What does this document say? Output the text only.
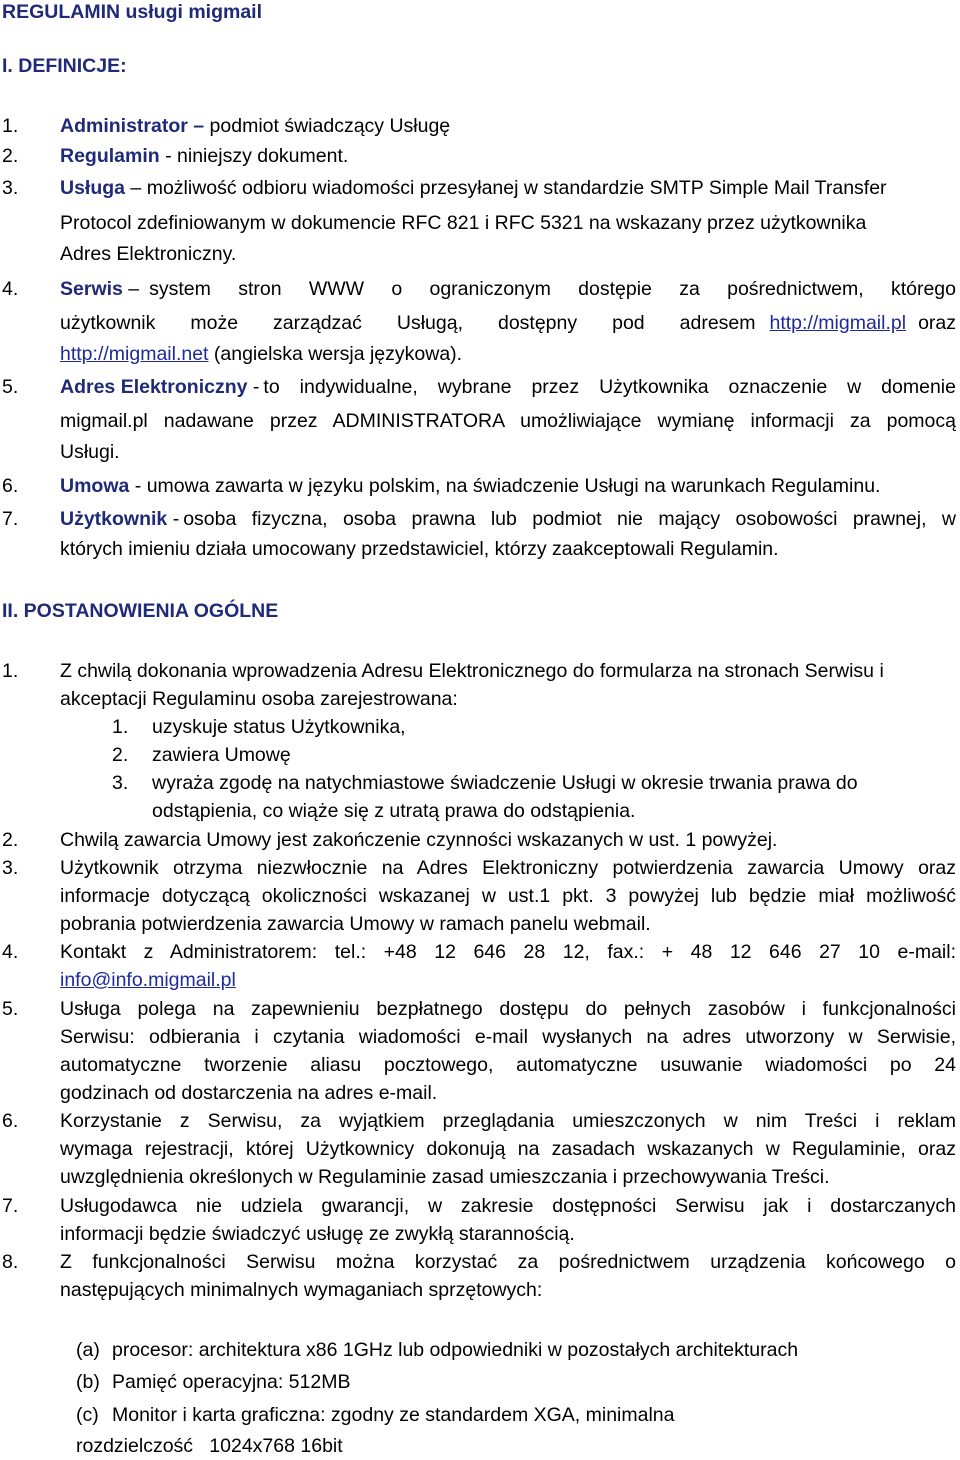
REGULAMIN usługi migmail
I. DEFINICJE:
1. Administrator – podmiot świadczący Usługę
2. Regulamin - niniejszy dokument.
3. Usługa – możliwość odbioru wiadomości przesyłanej w standardzie SMTP Simple Mail Transfer
Protocol zdefiniowanym w dokumencie RFC 821 i RFC 5321 na wskazany przez użytkownika
Adres Elektroniczny.
4. Serwis – system stron WWW o ograniczonym dostępie za pośrednictwem, którego
użytkownik może zarządzać Usługą, dostępny pod adresem http://migmail.pl oraz
http://migmail.net (angielska wersja językowa).
5. Adres Elektroniczny - to indywidualne, wybrane przez Użytkownika oznaczenie w domenie
migmail.pl nadawane przez ADMINISTRATORA umożliwiające wymianę informacji za pomocą
Usługi.
6. Umowa - umowa zawarta w języku polskim, na świadczenie Usługi na warunkach Regulaminu.
7. Użytkownik - osoba fizyczna, osoba prawna lub podmiot nie mający osobowości prawnej, w
których imieniu działa umocowany przedstawiciel, którzy zaakceptowali Regulamin.
II. POSTANOWIENIA OGÓLNE
1. Z chwilą dokonania wprowadzenia Adresu Elektronicznego do formularza na stronach Serwisu i
akceptacji Regulaminu osoba zarejestrowana:
1. uzyskuje status Użytkownika,
2. zawiera Umowę
3. wyraża zgodę na natychmiastowe świadczenie Usługi w okresie trwania prawa do
odstąpienia, co wiąże się z utratą prawa do odstąpienia.
2. Chwilą zawarcia Umowy jest zakończenie czynności wskazanych w ust. 1 powyżej.
3. Użytkownik otrzyma niezwłocznie na Adres Elektroniczny potwierdzenia zawarcia Umowy oraz
informacje dotyczącą okoliczności wskazanej w ust.1 pkt. 3 powyżej lub będzie miał możliwość
pobrania potwierdzenia zawarcia Umowy w ramach panelu webmail.
4. Kontakt z Administratorem: tel.: +48 12 646 28 12, fax.: + 48 12 646 27 10 e-mail:
info@info.migmail.pl
5. Usługa polega na zapewnieniu bezpłatnego dostępu do pełnych zasobów i funkcjonalności
Serwisu: odbierania i czytania wiadomości e-mail wysłanych na adres utworzony w Serwisie,
automatyczne tworzenie aliasu pocztowego, automatyczne usuwanie wiadomości po 24
godzinach od dostarczenia na adres e-mail.
6. Korzystanie z Serwisu, za wyjątkiem przeglądania umieszczonych w nim Treści i reklam
wymaga rejestracji, której Użytkownicy dokonują na zasadach wskazanych w Regulaminie, oraz
uwzględnienia określonych w Regulaminie zasad umieszczania i przechowywania Treści.
7. Usługodawca nie udziela gwarancji, w zakresie dostępności Serwisu jak i dostarczanych
informacji będzie świadczyć usługę ze zwykłą starannością.
8. Z funkcjonalności Serwisu można korzystać za pośrednictwem urządzenia końcowego o
następujących minimalnych wymaganiach sprzętowych:
(a) procesor: architektura x86 1GHz lub odpowiedniki w pozostałych architekturach
(b) Pamięć operacyjna: 512MB
(c) Monitor i karta graficzna: zgodny ze standardem XGA, minimalna
rozdzielczość   1024x768 16bit
